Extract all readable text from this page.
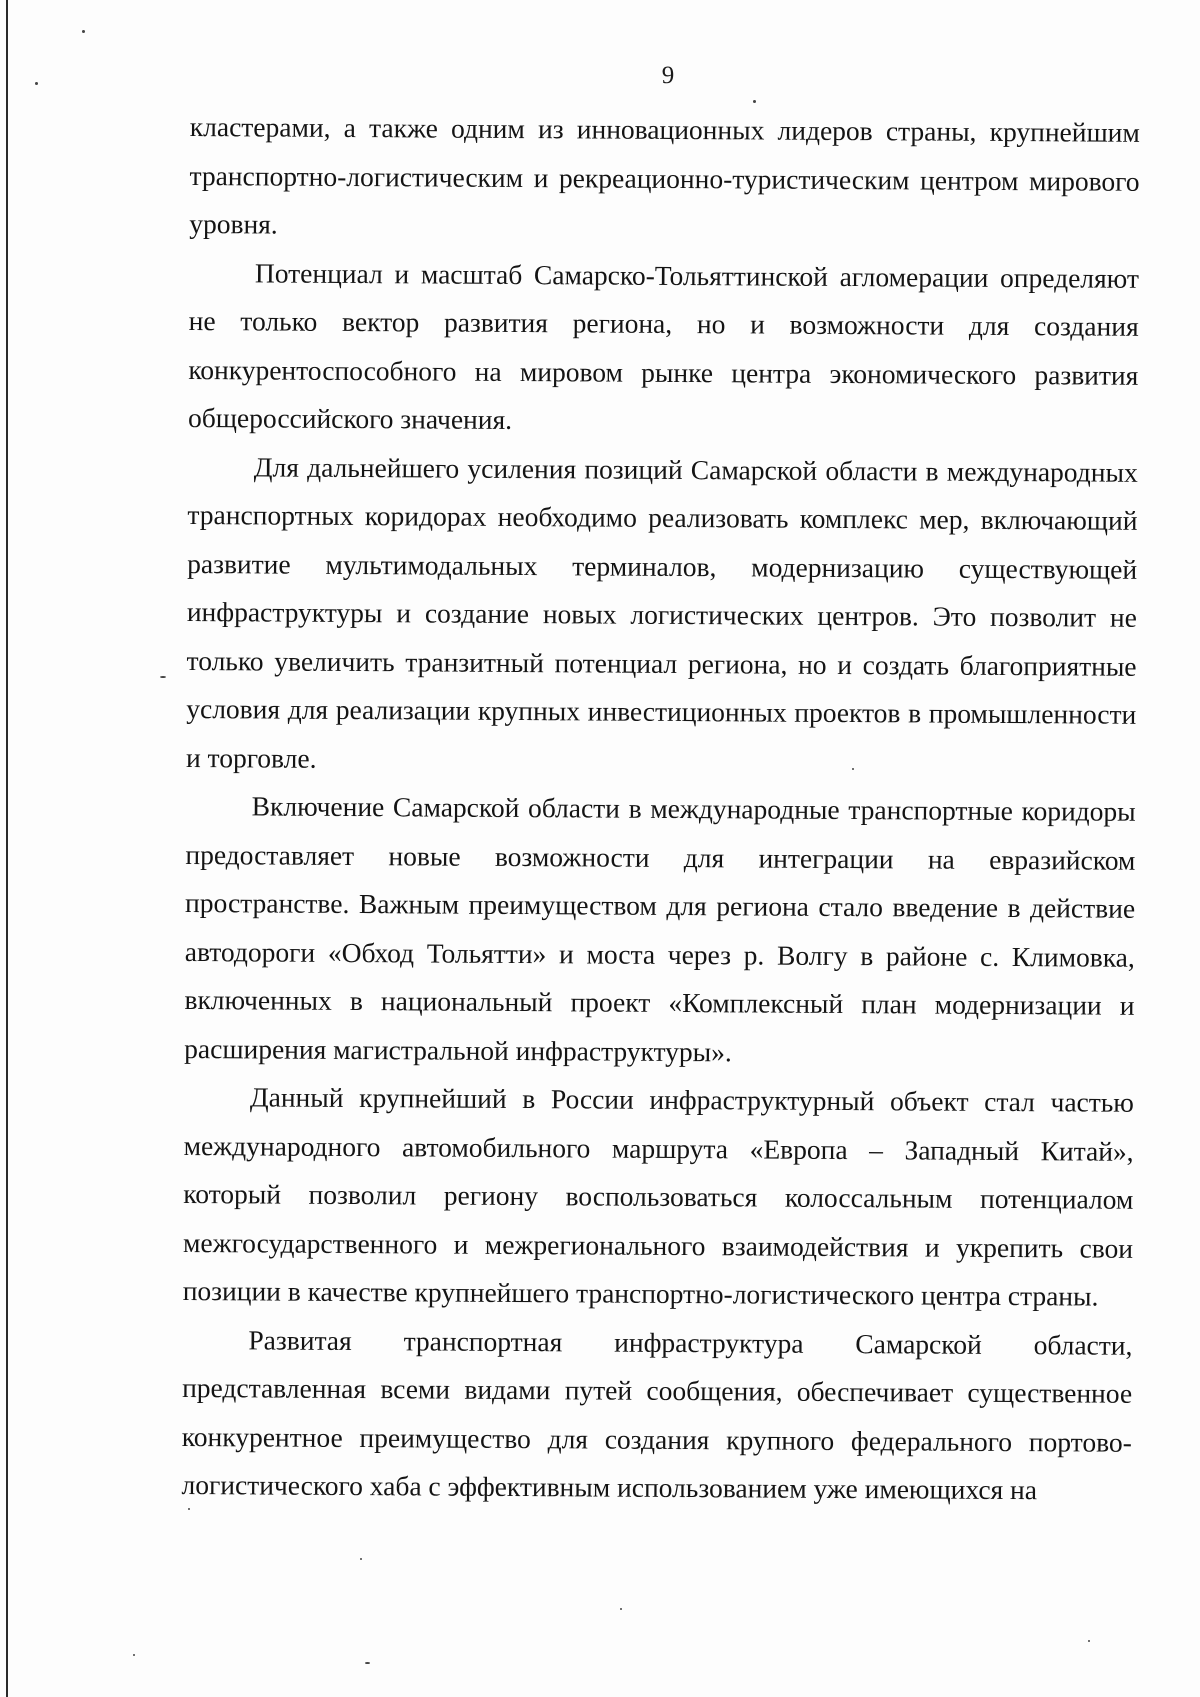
9

кластерами, а также одним из инновационных лидеров страны, крупнейшим транспортно-логистическим и рекреационно-туристическим центром мирового уровня.

Потенциал и масштаб Самарско-Тольяттинской агломерации определяют не только вектор развития региона, но и возможности для создания конкурентоспособного на мировом рынке центра экономического развития общероссийского значения.

Для дальнейшего усиления позиций Самарской области в международных транспортных коридорах необходимо реализовать комплекс мер, включающий развитие мультимодальных терминалов, модернизацию существующей инфраструктуры и создание новых логистических центров. Это позволит не только увеличить транзитный потенциал региона, но и создать благоприятные условия для реализации крупных инвестиционных проектов в промышленности и торговле.

Включение Самарской области в международные транспортные коридоры предоставляет новые возможности для интеграции на евразийском пространстве. Важным преимуществом для региона стало введение в действие автодороги «Обход Тольятти» и моста через р. Волгу в районе с. Климовка, включенных в национальный проект «Комплексный план модернизации и расширения магистральной инфраструктуры».

Данный крупнейший в России инфраструктурный объект стал частью международного автомобильного маршрута «Европа – Западный Китай», который позволил региону воспользоваться колоссальным потенциалом межгосударственного и межрегионального взаимодействия и укрепить свои позиции в качестве крупнейшего транспортно-логистического центра страны.

Развитая транспортная инфраструктура Самарской области, представленная всеми видами путей сообщения, обеспечивает существенное конкурентное преимущество для создания крупного федерального портово-логистического хаба с эффективным использованием уже имеющихся на
